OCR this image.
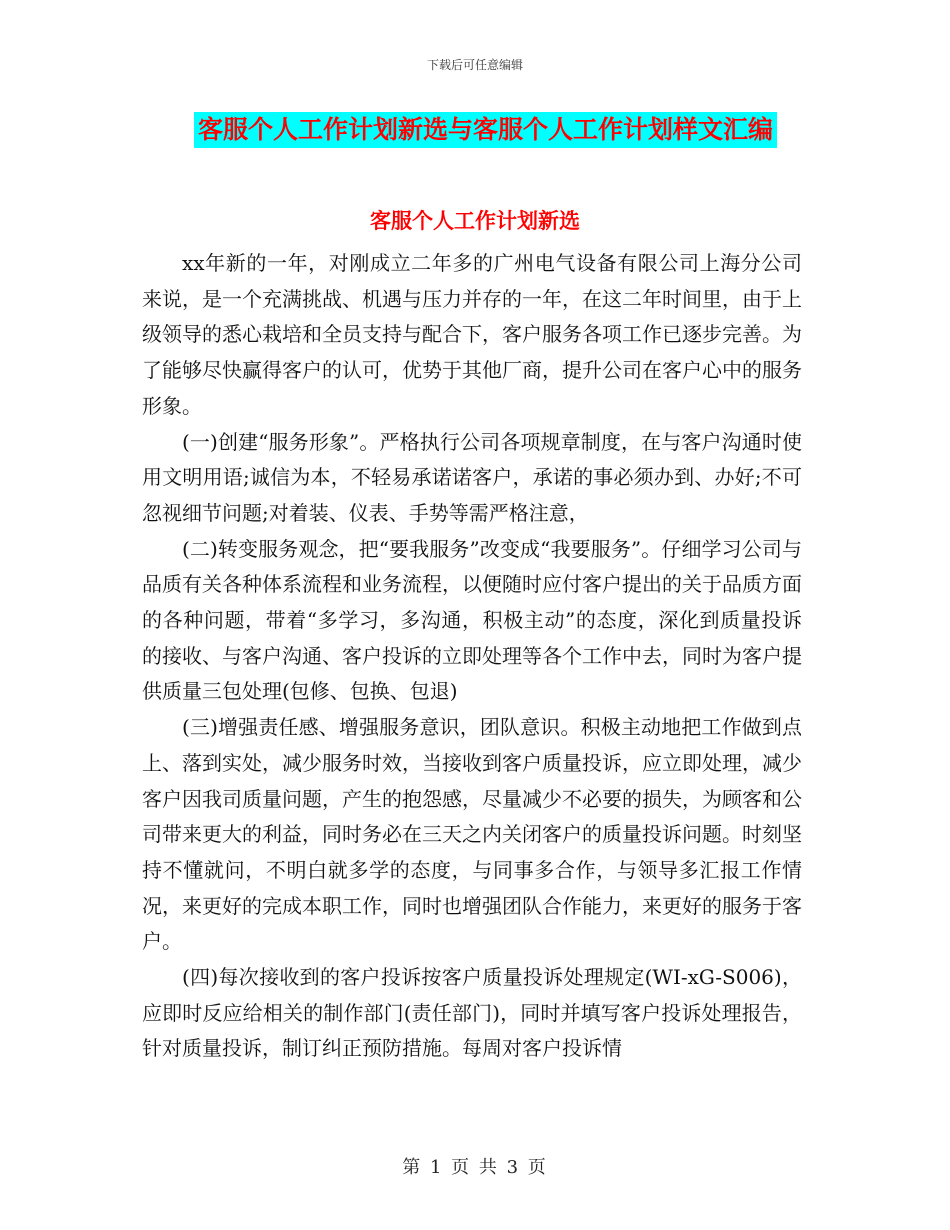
下载后可任意编辑
客服个人工作计划新选与客服个人工作计划样文汇编
客服个人工作计划新选

xx年新的一年，对刚成立二年多的广州电气设备有限公司上海分公司来说，是一个充满挑战、机遇与压力并存的一年，在这二年时间里，由于上级领导的悉心栽培和全员支持与配合下，客户服务各项工作已逐步完善。为了能够尽快赢得客户的认可，优势于其他厂商，提升公司在客户心中的服务形象。

(一)创建“服务形象”。严格执行公司各项规章制度，在与客户沟通时使用文明用语;诚信为本，不轻易承诺诺客户，承诺的事必须办到、办好;不可忽视细节问题;对着装、仪表、手势等需严格注意，

(二)转变服务观念，把“要我服务”改变成“我要服务”。仔细学习公司与品质有关各种体系流程和业务流程，以便随时应付客户提出的关于品质方面的各种问题，带着“多学习，多沟通，积极主动”的态度，深化到质量投诉的接收、与客户沟通、客户投诉的立即处理等各个工作中去，同时为客户提供质量三包处理(包修、包换、包退)

(三)增强责任感、增强服务意识，团队意识。积极主动地把工作做到点上、落到实处，减少服务时效，当接收到客户质量投诉，应立即处理，减少客户因我司质量问题，产生的抱怨感，尽量减少不必要的损失，为顾客和公司带来更大的利益，同时务必在三天之内关闭客户的质量投诉问题。时刻坚持不懂就问，不明白就多学的态度，与同事多合作，与领导多汇报工作情况，来更好的完成本职工作，同时也增强团队合作能力，来更好的服务于客户。

(四)每次接收到的客户投诉按客户质量投诉处理规定(WI-xG-S006)，应即时反应给相关的制作部门(责任部门)，同时并填写客户投诉处理报告，针对质量投诉，制订纠正预防措施。每周对客户投诉情

第 1 页 共 3 页
